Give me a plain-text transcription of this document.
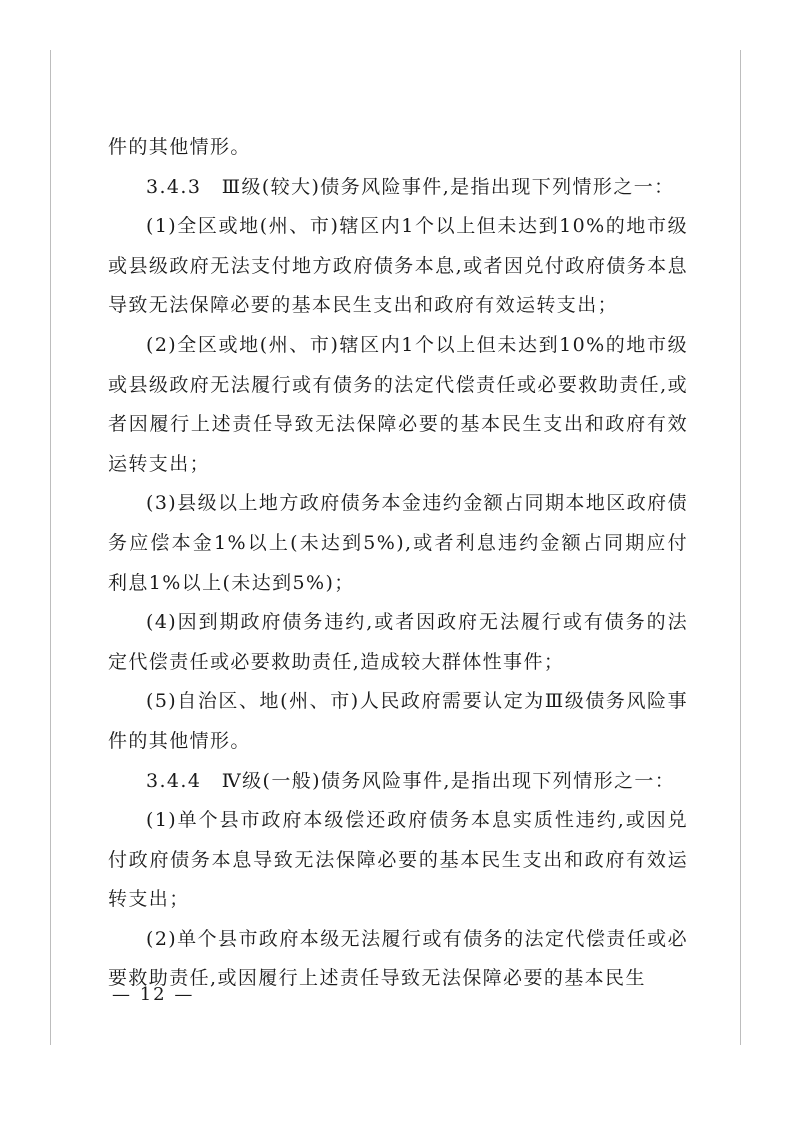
件的其他情形。

3.4.3　Ⅲ级(较大)债务风险事件,是指出现下列情形之一：

(1)全区或地(州、市)辖区内1个以上但未达到10%的地市级或县级政府无法支付地方政府债务本息,或者因兑付政府债务本息导致无法保障必要的基本民生支出和政府有效运转支出；

(2)全区或地(州、市)辖区内1个以上但未达到10%的地市级或县级政府无法履行或有债务的法定代偿责任或必要救助责任,或者因履行上述责任导致无法保障必要的基本民生支出和政府有效运转支出；

(3)县级以上地方政府债务本金违约金额占同期本地区政府债务应偿本金1%以上(未达到5%),或者利息违约金额占同期应付利息1%以上(未达到5%)；

(4)因到期政府债务违约,或者因政府无法履行或有债务的法定代偿责任或必要救助责任,造成较大群体性事件；

(5)自治区、地(州、市)人民政府需要认定为Ⅲ级债务风险事件的其他情形。

3.4.4　Ⅳ级(一般)债务风险事件,是指出现下列情形之一：

(1)单个县市政府本级偿还政府债务本息实质性违约,或因兑付政府债务本息导致无法保障必要的基本民生支出和政府有效运转支出；

(2)单个县市政府本级无法履行或有债务的法定代偿责任或必要救助责任,或因履行上述责任导致无法保障必要的基本民生

— 12 —
